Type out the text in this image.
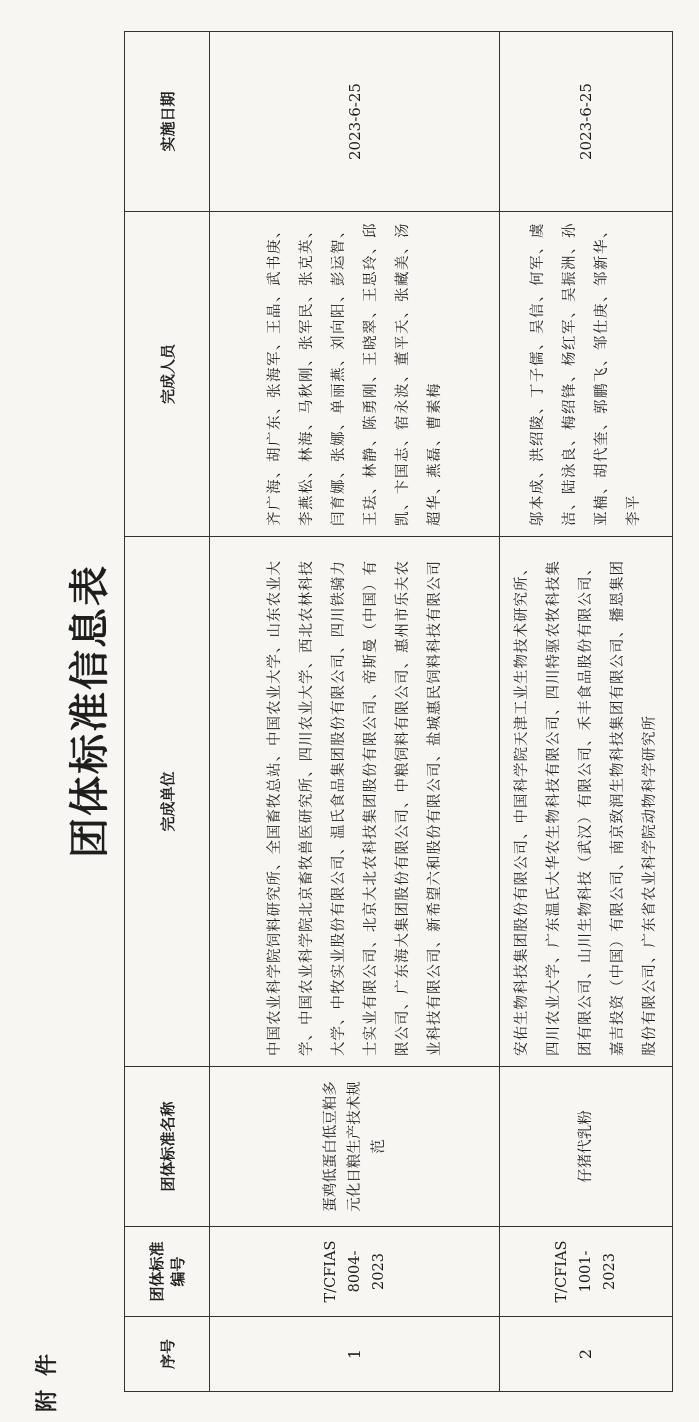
附件
团体标准信息表
序号	团体标准编号	团体标准名称	完成单位	完成人员	实施日期
1	T/CFIAS 8004-2023	蛋鸡低蛋白低豆粕多元化日粮生产技术规范	中国农业科学院饲料研究所、全国畜牧总站、中国农业大学、山东农业大学、中国农业科学院北京畜牧兽医研究所、四川农业大学、西北农林科技大学、中牧实业股份有限公司、温氏食品集团股份有限公司、四川铁骑力士实业有限公司、北京大北农科技集团股份有限公司、帝斯曼（中国）有限公司、广东海大集团股份有限公司、中粮饲料有限公司、惠州市乐夫农业科技有限公司、新希望六和股份有限公司、盐城惠民饲料科技有限公司	齐广海、胡广东、张海军、王晶、武书庚、李燕松、林海、马秋刚、张军民、张克英、闫育娜、张娜、单丽燕、刘向阳、彭运智、王珐、林静、陈勇刚、王晓翠、王思玲、邱凯、卞国志、宿永波、董平天、张藏美、汤超华、燕磊、曹素梅	2023-6-25
2	T/CFIAS 1001-2023	仔猪代乳粉	安佑生物科技集团股份有限公司、中国科学院天津工业生物技术研究所、四川农业大学、广东温氏大华农生物科技有限公司、四川特驱农牧科技集团有限公司、山川生物科技（武汉）有限公司、禾丰食品股份有限公司、嘉吉投资（中国）有限公司、南京致润生物科技集团有限公司、播恩集团股份有限公司、广东省农业科学院动物科学研究所	邬本成、洪绍陵、丁子儒、吴信、何军、虞洁、陆泳良、梅绍锋、杨红军、吴振洲、孙亚楠、胡代奎、郭鹏飞、邹仕庚、邹新华、李平	2023-6-25
